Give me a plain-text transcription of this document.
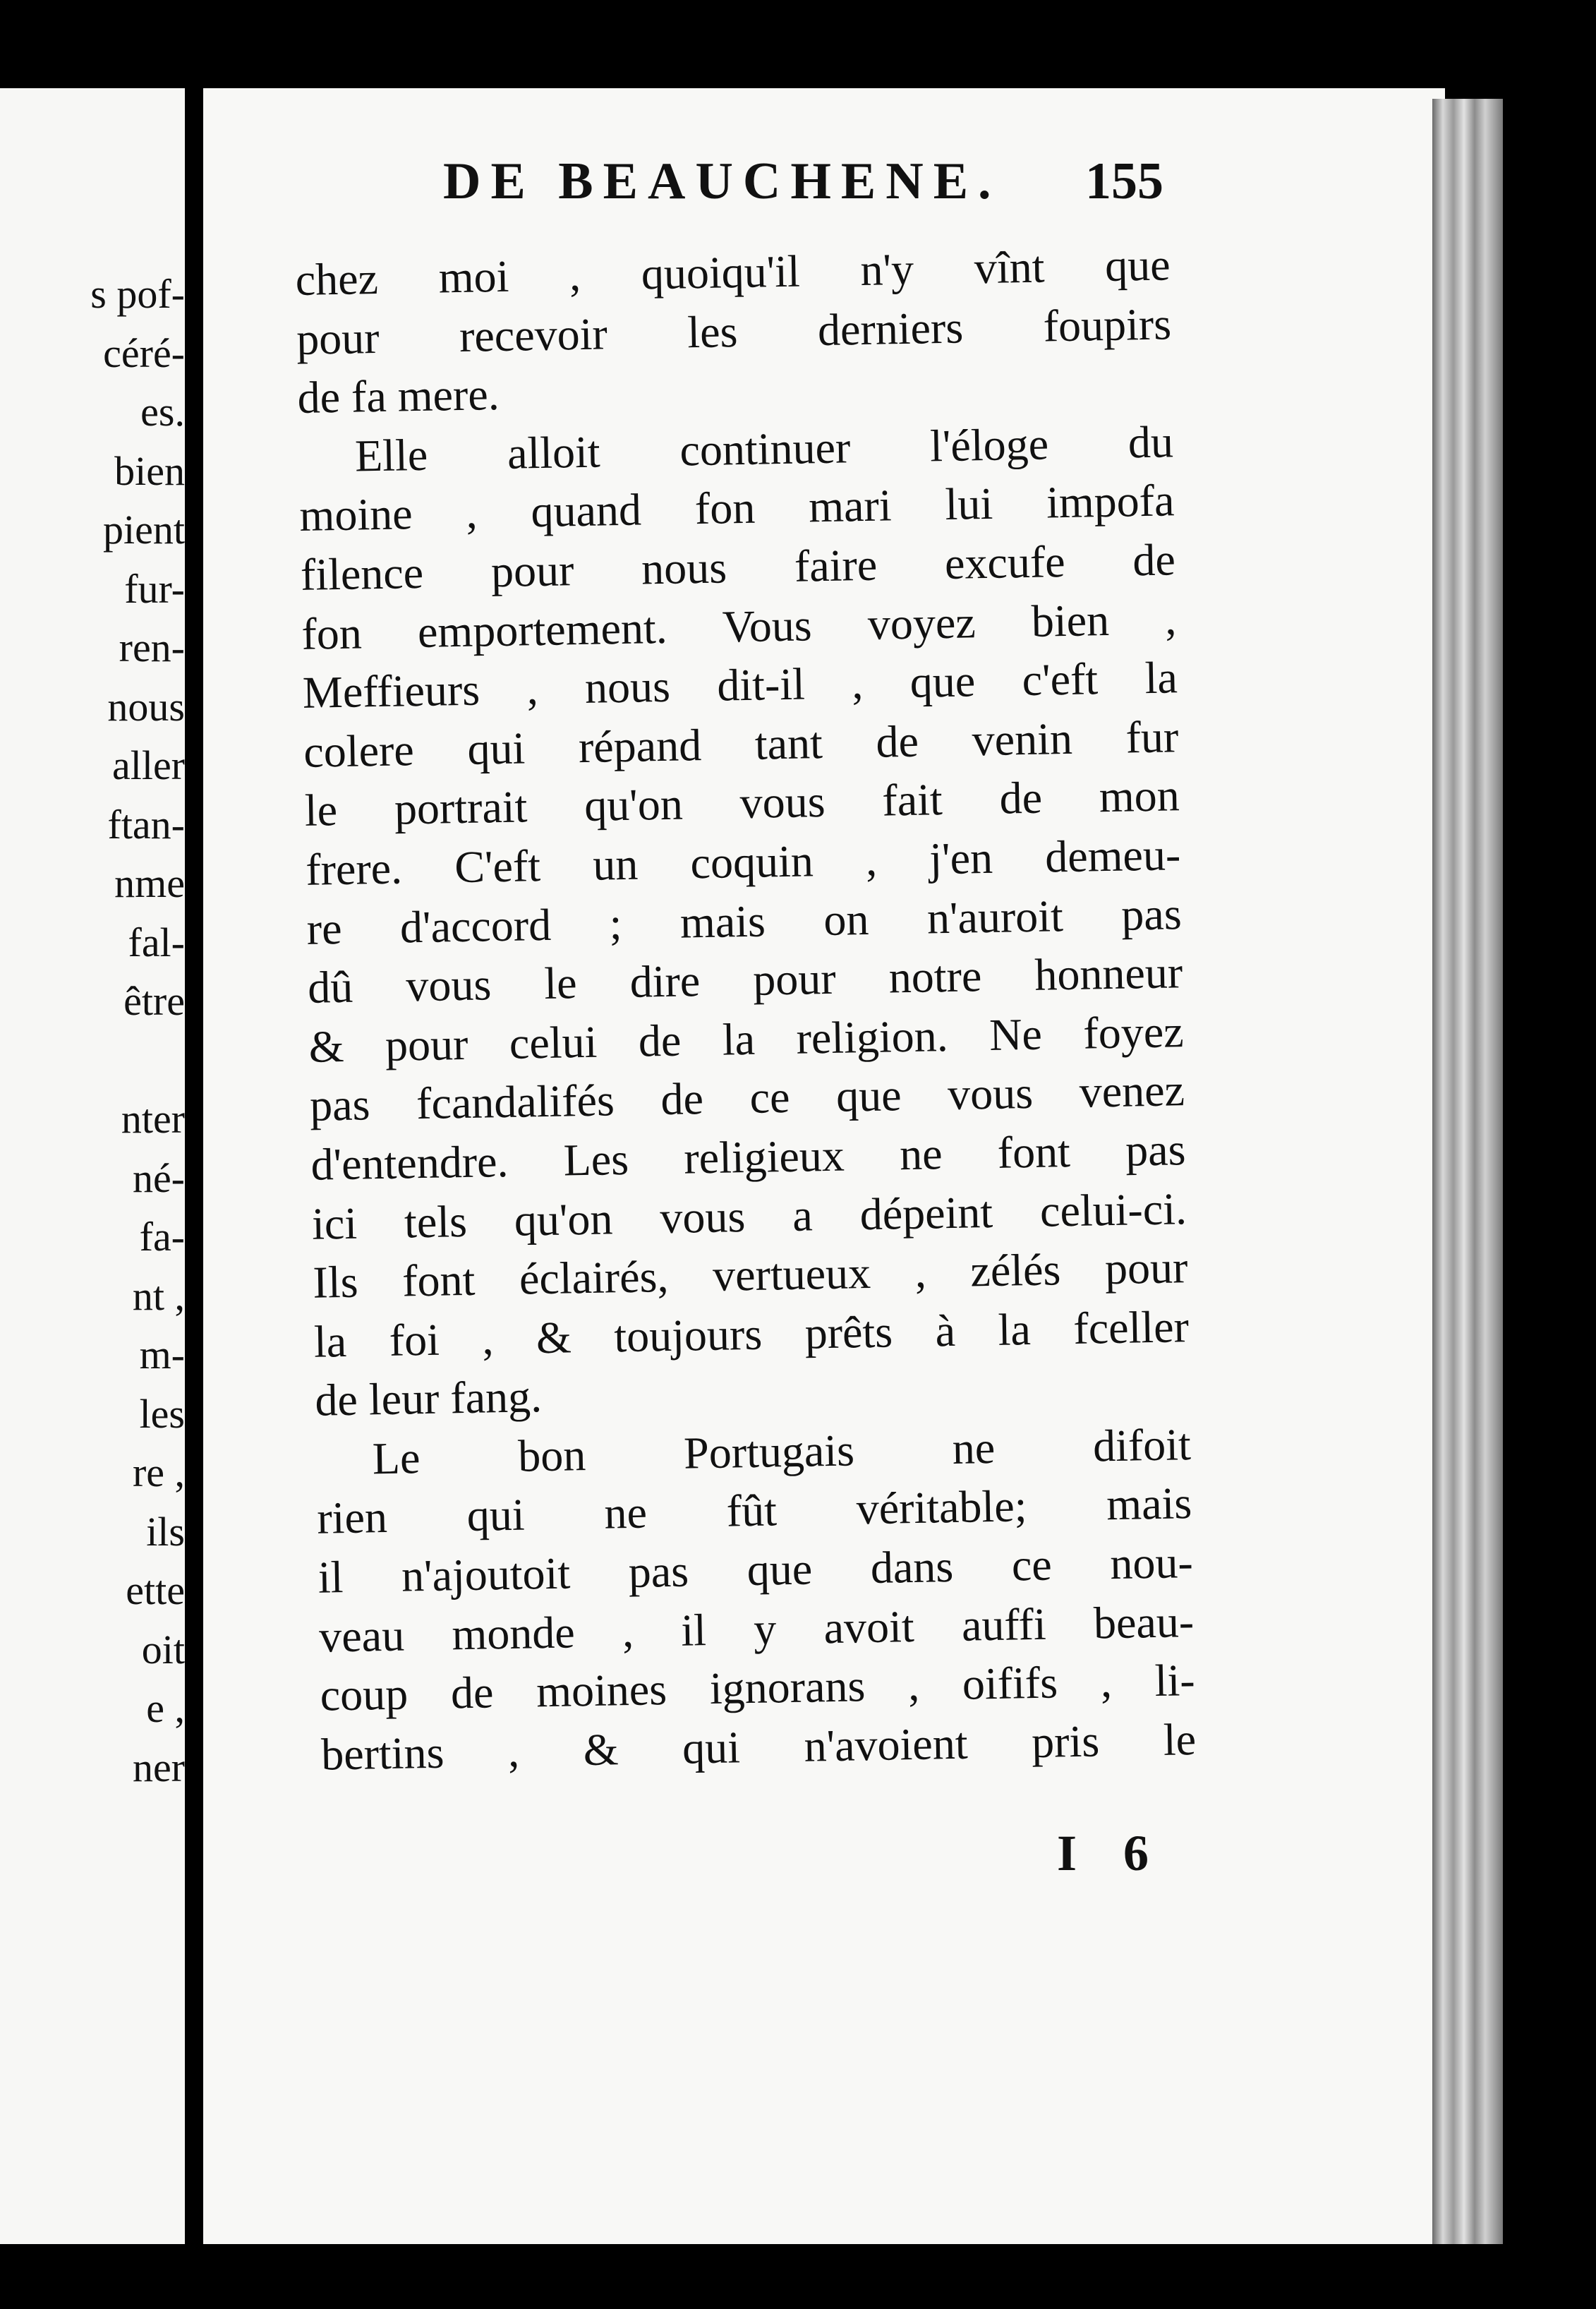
s pof-
céré-
es.
bien
pient
fur-
ren-
nous
aller
ftan-
nme
fal-
être
nter
né-
fa-
nt ,
m-
les
re ,
ils
ette
oit
e ,
ner
DE BEAUCHENE. 155
chez moi , quoiqu'il n'y vînt que
pour recevoir les derniers foupirs
de fa mere.
Elle alloit continuer l'éloge du
moine , quand fon mari lui impofa
filence pour nous faire excufe de
fon emportement. Vous voyez bien ,
Meffieurs , nous dit-il , que c'eft la
colere qui répand tant de venin fur
le portrait qu'on vous fait de mon
frere. C'eft un coquin , j'en demeu-
re d'accord ; mais on n'auroit pas
dû vous le dire pour notre honneur
& pour celui de la religion. Ne foyez
pas fcandalifés de ce que vous venez
d'entendre. Les religieux ne font pas
ici tels qu'on vous a dépeint celui-ci.
Ils font éclairés, vertueux , zélés pour
la foi , & toujours prêts à la fceller
de leur fang.
Le bon Portugais ne difoit
rien qui ne fût véritable; mais
il n'ajoutoit pas que dans ce nou-
veau monde , il y avoit auffi beau-
coup de moines ignorans , oififs , li-
bertins , & qui n'avoient pris le
I 6
